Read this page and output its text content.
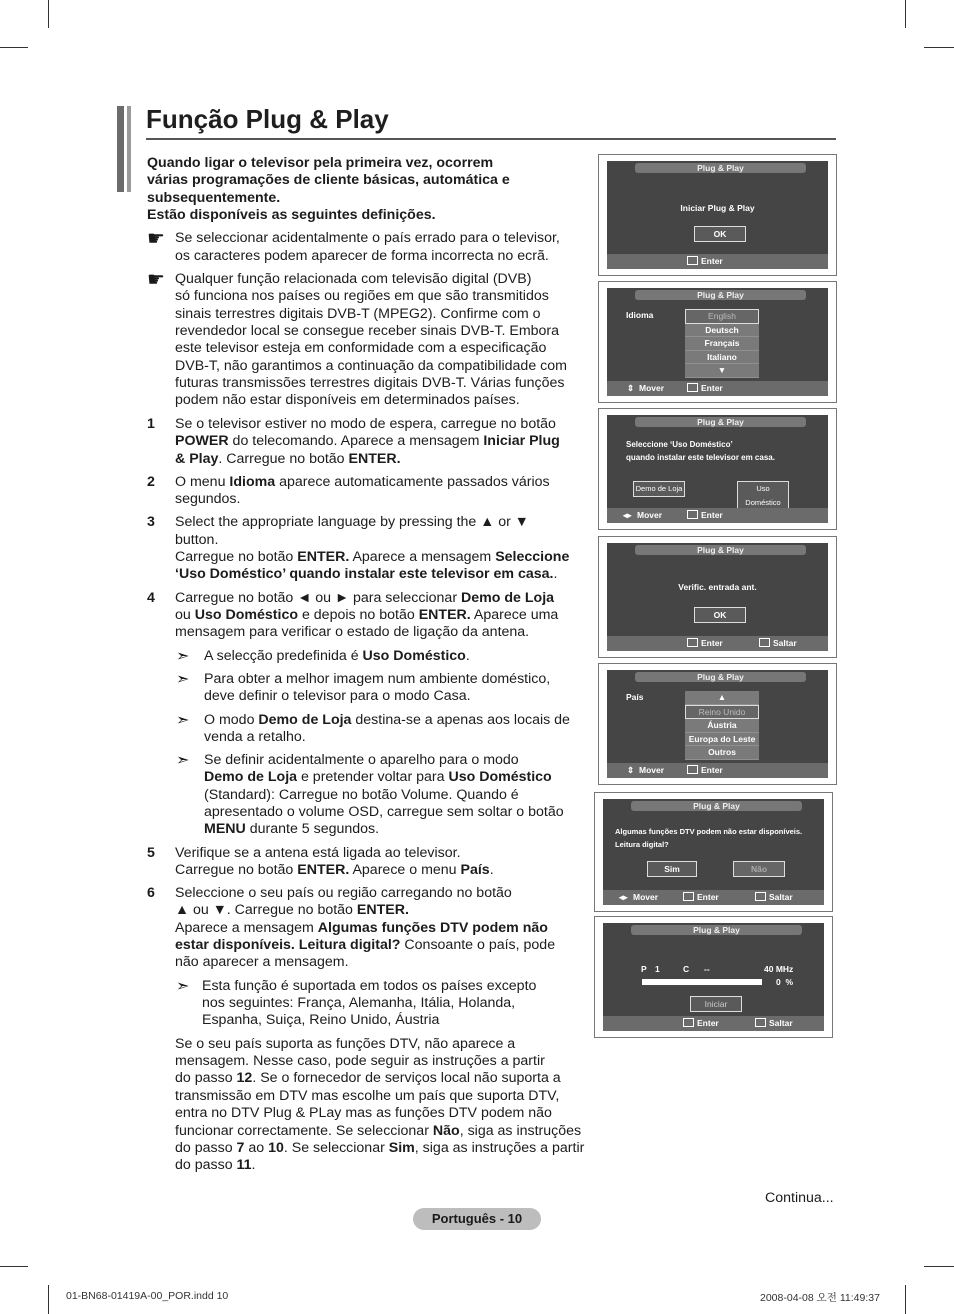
Função Plug & Play
Quando ligar o televisor pela primeira vez, ocorrem
várias programações de cliente básicas, automática e
subsequentemente.
Estão disponíveis as seguintes definições.
☛ Se seleccionar acidentalmente o país errado para o televisor,
os caracteres podem aparecer de forma incorrecta no ecrã.
☛ Qualquer função relacionada com televisão digital (DVB)
só funciona nos países ou regiões em que são transmitidos
sinais terrestres digitais DVB-T (MPEG2). Confirme com o
revendedor local se consegue receber sinais DVB-T. Embora
este televisor esteja em conformidade com a especificação
DVB-T, não garantimos a continuação da compatibilidade com
futuras transmissões terrestres digitais DVB-T. Várias funções
podem não estar disponíveis em determinados países.
1 Se o televisor estiver no modo de espera, carregue no botão
POWER do telecomando. Aparece a mensagem Iniciar Plug
& Play. Carregue no botão ENTER.
2 O menu Idioma aparece automaticamente passados vários
segundos.
3 Select the appropriate language by pressing the ▲ or ▼
button.
Carregue no botão ENTER. Aparece a mensagem Seleccione
‘Uso Doméstico’ quando instalar este televisor em casa..
4 Carregue no botão ◄ ou ► para seleccionar Demo de Loja
ou Uso Doméstico e depois no botão ENTER. Aparece uma
mensagem para verificar o estado de ligação da antena.
➣ A selecção predefinida é Uso Doméstico.
➣ Para obter a melhor imagem num ambiente doméstico,
deve definir o televisor para o modo Casa.
➣ O modo Demo de Loja destina-se a apenas aos locais de
venda a retalho.
➣ Se definir acidentalmente o aparelho para o modo
Demo de Loja e pretender voltar para Uso Doméstico
(Standard): Carregue no botão Volume. Quando é
apresentado o volume OSD, carregue sem soltar o botão
MENU durante 5 segundos.
5 Verifique se a antena está ligada ao televisor.
Carregue no botão ENTER. Aparece o menu País.
6 Seleccione o seu país ou região carregando no botão
▲ ou ▼. Carregue no botão ENTER.
Aparece a mensagem Algumas funções DTV podem não
estar disponíveis. Leitura digital? Consoante o país, pode
não aparecer a mensagem.
➣ Esta função é suportada em todos os países excepto
nos seguintes: França, Alemanha, Itália, Holanda,
Espanha, Suiça, Reino Unido, Áustria
Se o seu país suporta as funções DTV, não aparece a
mensagem. Nesse caso, pode seguir as instruções a partir
do passo 12. Se o fornecedor de serviços local não suporta a
transmissão em DTV mas escolhe um país que suporta DTV,
entra no DTV Plug & PLay mas as funções DTV podem não
funcionar correctamente. Se seleccionar Não, siga as instruções
do passo 7 ao 10. Se seleccionar Sim, siga as instruções a partir
do passo 11.
Plug & Play
Iniciar Plug & Play
OK
Enter
Plug & Play
Idioma	English
Deutsch
Français
Italiano
▼
⇕ Mover	Enter
Plug & Play
Seleccione ‘Uso Doméstico’
quando instalar este televisor em casa.
Demo de Loja	Uso Doméstico
◂▸ Mover	Enter
Plug & Play
Verific. entrada ant.
OK
Enter	Saltar
Plug & Play
País	▲
Reino Unido
Áustria
Europa do Leste
Outros
⇕ Mover	Enter
Plug & Play
Algumas funções DTV podem não estar disponíveis.
Leitura digital?
Sim	Não
◂▸ Mover	Enter	Saltar
Plug & Play
P 1	C --	40 MHz
0 %
Iniciar
Enter	Saltar
Continua...
Português - 10
01-BN68-01419A-00_POR.indd 10	2008-04-08 오전 11:49:37
